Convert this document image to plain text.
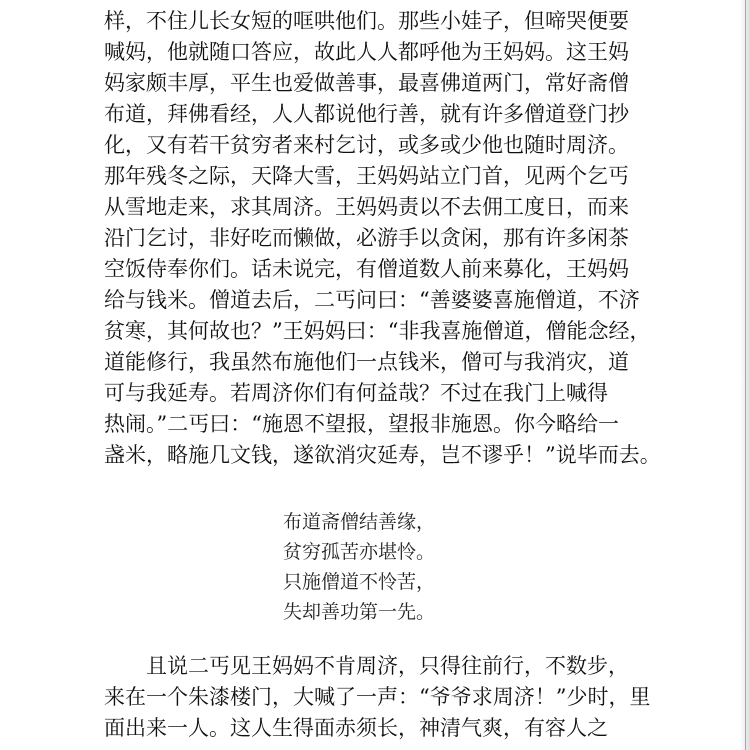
样，不住儿长女短的哐哄他们。那些小娃子，但啼哭便要
喊妈，他就随口答应，故此人人都呼他为王妈妈。这王妈
妈家颇丰厚，平生也爱做善事，最喜佛道两门，常好斋僧
布道，拜佛看经，人人都说他行善，就有许多僧道登门抄
化，又有若干贫穷者来村乞讨，或多或少他也随时周济。
那年残冬之际，天降大雪，王妈妈站立门首，见两个乞丐
从雪地走来，求其周济。王妈妈责以不去佣工度日，而来
沿门乞讨，非好吃而懒做，必游手以贪闲，那有许多闲茶
空饭侍奉你们。话未说完，有僧道数人前来募化，王妈妈
给与钱米。僧道去后，二丐问曰：“善婆婆喜施僧道，不济
贫寒，其何故也？”王妈妈曰：“非我喜施僧道，僧能念经，
道能修行，我虽然布施他们一点钱米，僧可与我消灾，道
可与我延寿。若周济你们有何益哉？不过在我门上喊得
热闹。”二丐曰：“施恩不望报，望报非施恩。你今略给一
盏米，略施几文钱，遂欲消灾延寿，岂不谬乎！”说毕而去。
布道斋僧结善缘，
贫穷孤苦亦堪怜。
只施僧道不怜苦，
失却善功第一先。
　　且说二丐见王妈妈不肯周济，只得往前行，不数步，
来在一个朱漆楼门，大喊了一声：“爷爷求周济！”少时，里
面出来一人。这人生得面赤须长，神清气爽，有容人之
